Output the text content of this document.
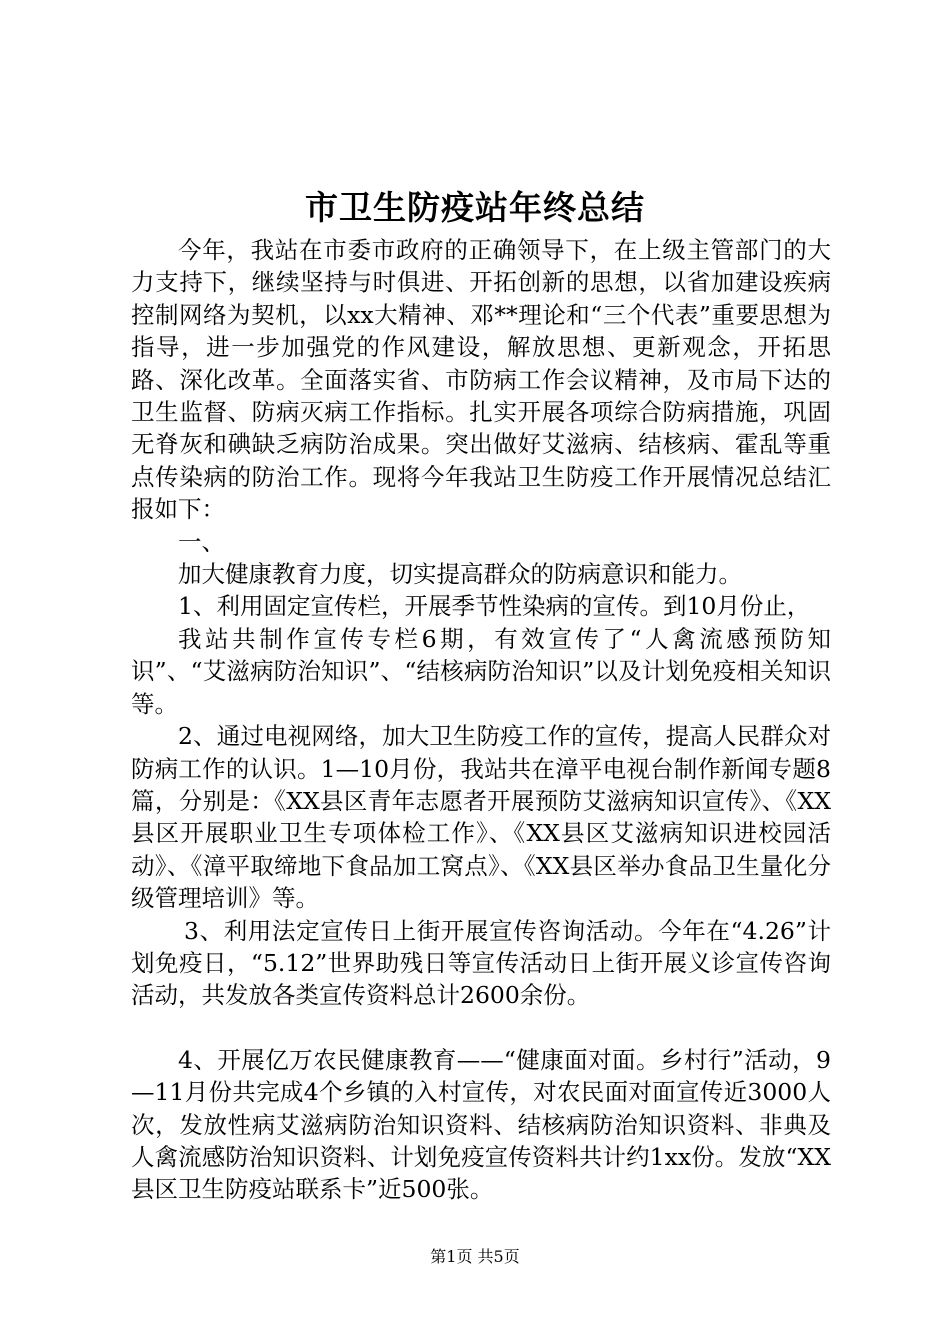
市卫生防疫站年终总结

今年，我站在市委市政府的正确领导下，在上级主管部门的大力支持下，继续坚持与时俱进、开拓创新的思想，以省加建设疾病控制网络为契机，以xx大精神、邓**理论和“三个代表”重要思想为指导，进一步加强党的作风建设，解放思想、更新观念，开拓思路、深化改革。全面落实省、市防病工作会议精神，及市局下达的卫生监督、防病灭病工作指标。扎实开展各项综合防病措施，巩固无脊灰和碘缺乏病防治成果。突出做好艾滋病、结核病、霍乱等重点传染病的防治工作。现将今年我站卫生防疫工作开展情况总结汇报如下：

一、

加大健康教育力度，切实提高群众的防病意识和能力。

1、利用固定宣传栏，开展季节性染病的宣传。到10月份止，

我站共制作宣传专栏6期，有效宣传了“人禽流感预防知识”、“艾滋病防治知识”、“结核病防治知识”以及计划免疫相关知识等。

2、通过电视网络，加大卫生防疫工作的宣传，提高人民群众对防病工作的认识。1—10月份，我站共在漳平电视台制作新闻专题8篇，分别是：《XX县区青年志愿者开展预防艾滋病知识宣传》、《XX县区开展职业卫生专项体检工作》、《XX县区艾滋病知识进校园活动》、《漳平取缔地下食品加工窝点》、《XX县区举办食品卫生量化分级管理培训》等。

3、利用法定宣传日上街开展宣传咨询活动。今年在“4.26”计划免疫日，“5.12”世界助残日等宣传活动日上街开展义诊宣传咨询活动，共发放各类宣传资料总计2600余份。

4、开展亿万农民健康教育——“健康面对面。乡村行”活动，9—11月份共完成4个乡镇的入村宣传，对农民面对面宣传近3000人次，发放性病艾滋病防治知识资料、结核病防治知识资料、非典及人禽流感防治知识资料、计划免疫宣传资料共计约1xx份。发放“XX县区卫生防疫站联系卡”近500张。

第1页 共5页
